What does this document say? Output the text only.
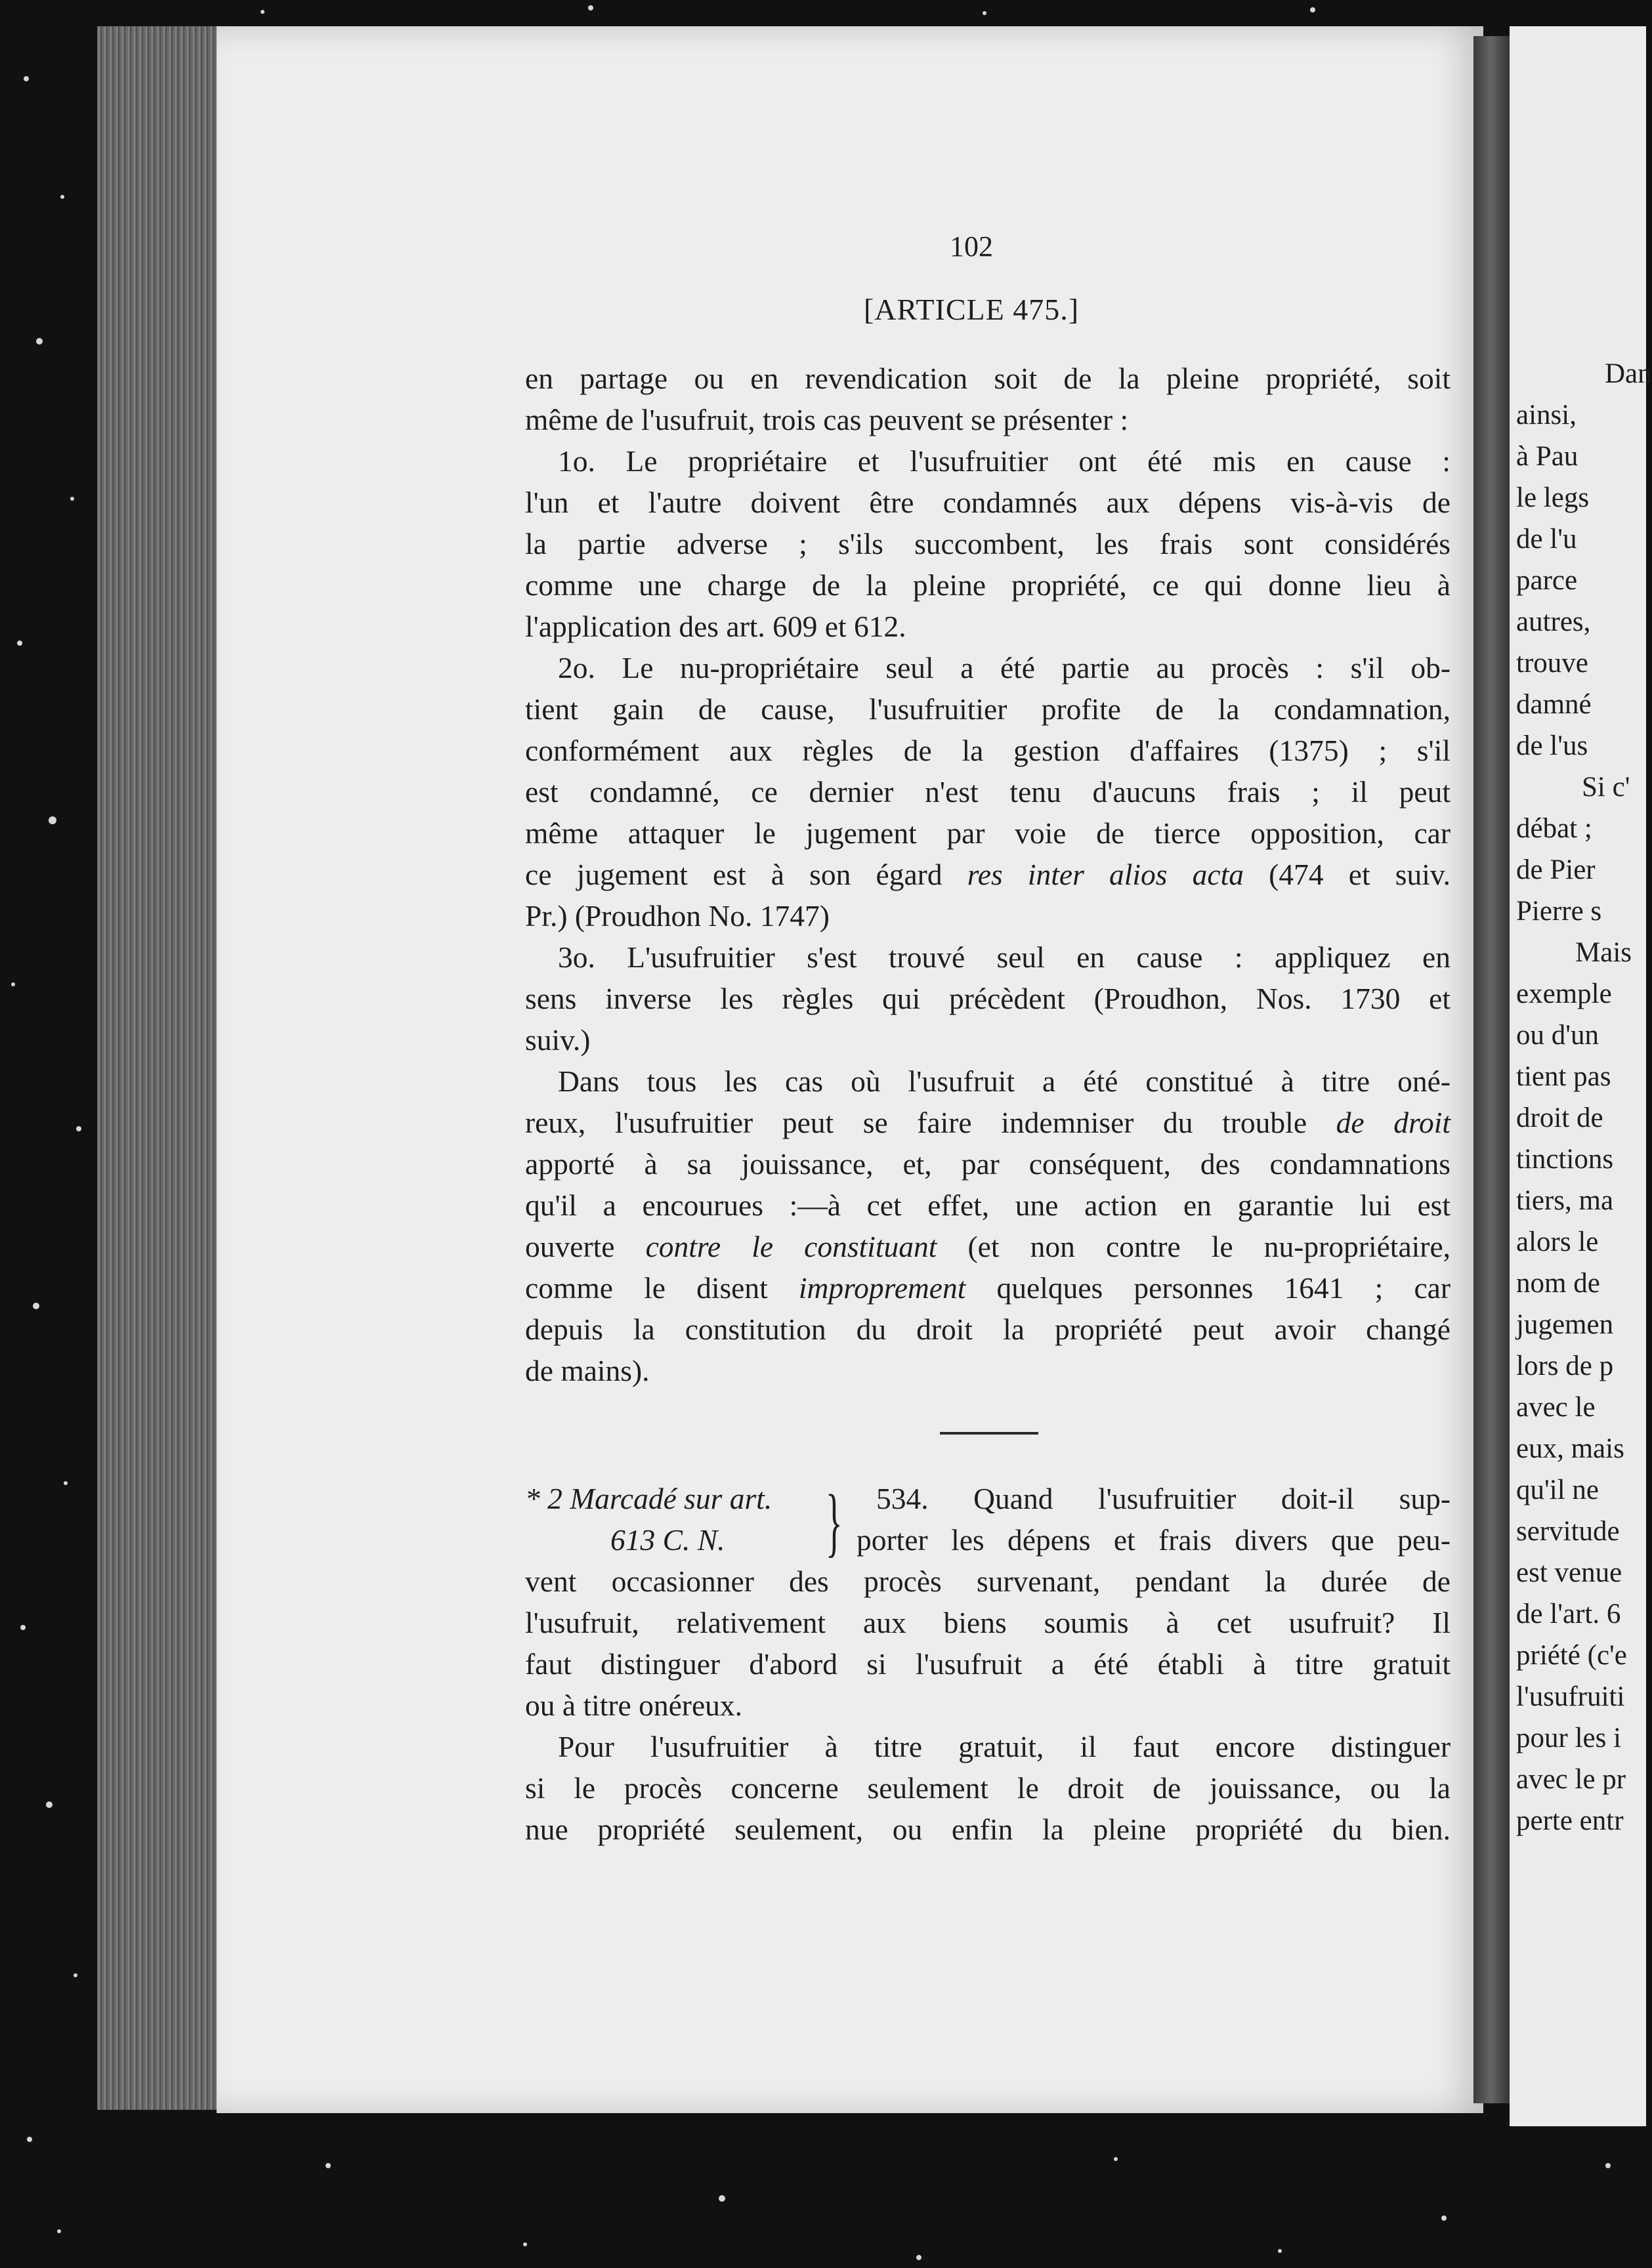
102
[ARTICLE 475.]
en partage ou en revendication soit de la pleine propriété, soit
même de l'usufruit, trois cas peuvent se présenter :
1o. Le propriétaire et l'usufruitier ont été mis en cause :
l'un et l'autre doivent être condamnés aux dépens vis-à-vis de
la partie adverse ; s'ils succombent, les frais sont considérés
comme une charge de la pleine propriété, ce qui donne lieu à
l'application des art. 609 et 612.
2o. Le nu-propriétaire seul a été partie au procès : s'il ob-
tient gain de cause, l'usufruitier profite de la condamnation,
conformément aux règles de la gestion d'affaires (1375) ; s'il
est condamné, ce dernier n'est tenu d'aucuns frais ; il peut
même attaquer le jugement par voie de tierce opposition, car
ce jugement est à son égard res inter alios acta (474 et suiv.
Pr.) (Proudhon No. 1747)
3o. L'usufruitier s'est trouvé seul en cause : appliquez en
sens inverse les règles qui précèdent (Proudhon, Nos. 1730 et
suiv.)
Dans tous les cas où l'usufruit a été constitué à titre oné-
reux, l'usufruitier peut se faire indemniser du trouble de droit
apporté à sa jouissance, et, par conséquent, des condamnations
qu'il a encourues :—à cet effet, une action en garantie lui est
ouverte contre le constituant (et non contre le nu-propriétaire,
comme le disent improprement quelques personnes 1641 ; car
depuis la constitution du droit la propriété peut avoir changé
de mains).
* 2 Marcadé sur art.
613 C. N. } 534. Quand l'usufruitier doit-il sup-
porter les dépens et frais divers que peu-
vent occasionner des procès survenant, pendant la durée de
l'usufruit, relativement aux biens soumis à cet usufruit? Il
faut distinguer d'abord si l'usufruit a été établi à titre gratuit
ou à titre onéreux.
Pour l'usufruitier à titre gratuit, il faut encore distinguer
si le procès concerne seulement le droit de jouissance, ou la
nue propriété seulement, ou enfin la pleine propriété du bien.
Dan
ainsi,
à Pau
le legs
de l'u
parce
autres,
trouve
damné
de l'us
Si c'
débat ;
de Pier
Pierre s
Mais
exemple
ou d'un
tient pas
droit de
tinctions
tiers, ma
alors le
nom de
jugemen
lors de p
avec le
eux, mais
qu'il ne
servitude
est venue
de l'art. 6
priété (c'e
l'usufruiti
pour les i
avec le pr
perte entr
